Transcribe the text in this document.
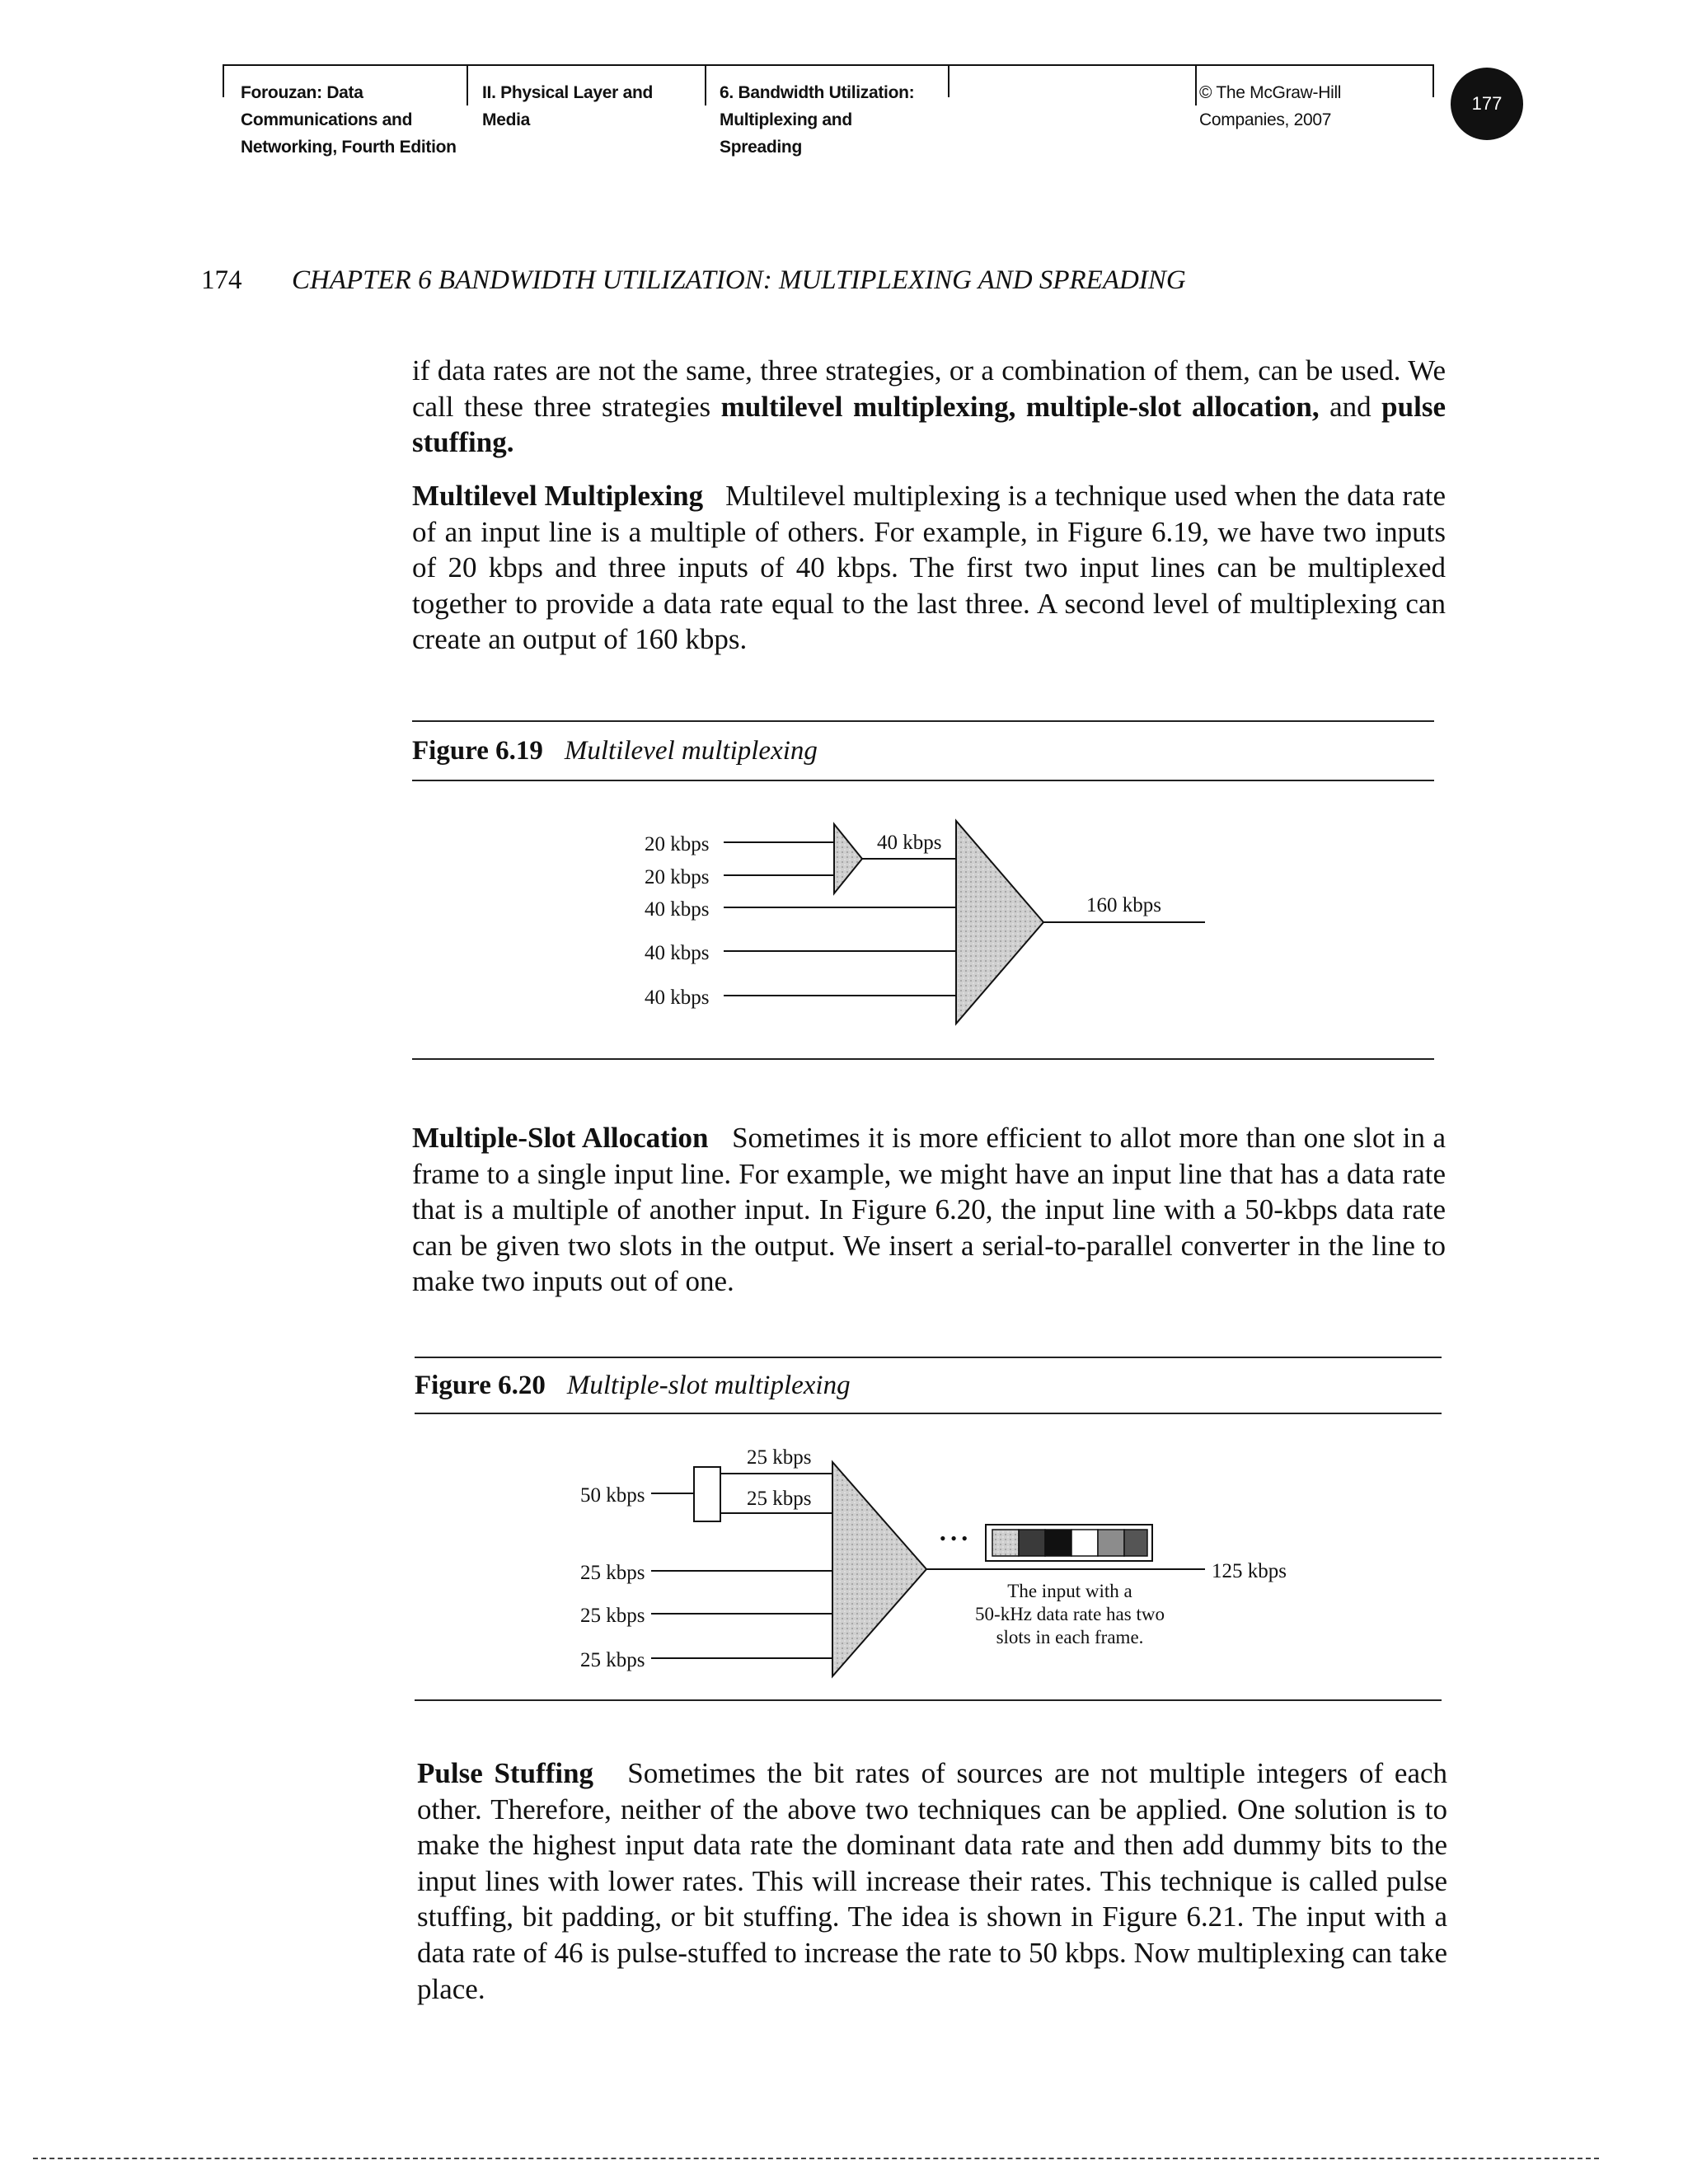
Forouzan: Data
Communications and
Networking, Fourth Edition
II. Physical Layer and
Media
6. Bandwidth Utilization:
Multiplexing and
Spreading
© The McGraw-Hill
Companies, 2007
177
174 CHAPTER 6 BANDWIDTH UTILIZATION: MULTIPLEXING AND SPREADING
if data rates are not the same, three strategies, or a combination of them, can be used. We call these three strategies multilevel multiplexing, multiple-slot allocation, and pulse stuffing.
Multilevel Multiplexing Multilevel multiplexing is a technique used when the data rate of an input line is a multiple of others. For example, in Figure 6.19, we have two inputs of 20 kbps and three inputs of 40 kbps. The first two input lines can be multiplexed together to provide a data rate equal to the last three. A second level of multiplexing can create an output of 160 kbps.
Figure 6.19 Multilevel multiplexing
20 kbps
20 kbps
40 kbps
40 kbps
40 kbps
40 kbps
160 kbps
Multiple-Slot Allocation Sometimes it is more efficient to allot more than one slot in a frame to a single input line. For example, we might have an input line that has a data rate that is a multiple of another input. In Figure 6.20, the input line with a 50-kbps data rate can be given two slots in the output. We insert a serial-to-parallel converter in the line to make two inputs out of one.
Figure 6.20 Multiple-slot multiplexing
50 kbps
25 kbps
25 kbps
25 kbps
25 kbps
25 kbps
• • •
125 kbps
The input with a
50-kHz data rate has two
slots in each frame.
Pulse Stuffing Sometimes the bit rates of sources are not multiple integers of each other. Therefore, neither of the above two techniques can be applied. One solution is to make the highest input data rate the dominant data rate and then add dummy bits to the input lines with lower rates. This will increase their rates. This technique is called pulse stuffing, bit padding, or bit stuffing. The idea is shown in Figure 6.21. The input with a data rate of 46 is pulse-stuffed to increase the rate to 50 kbps. Now multiplexing can take place.
